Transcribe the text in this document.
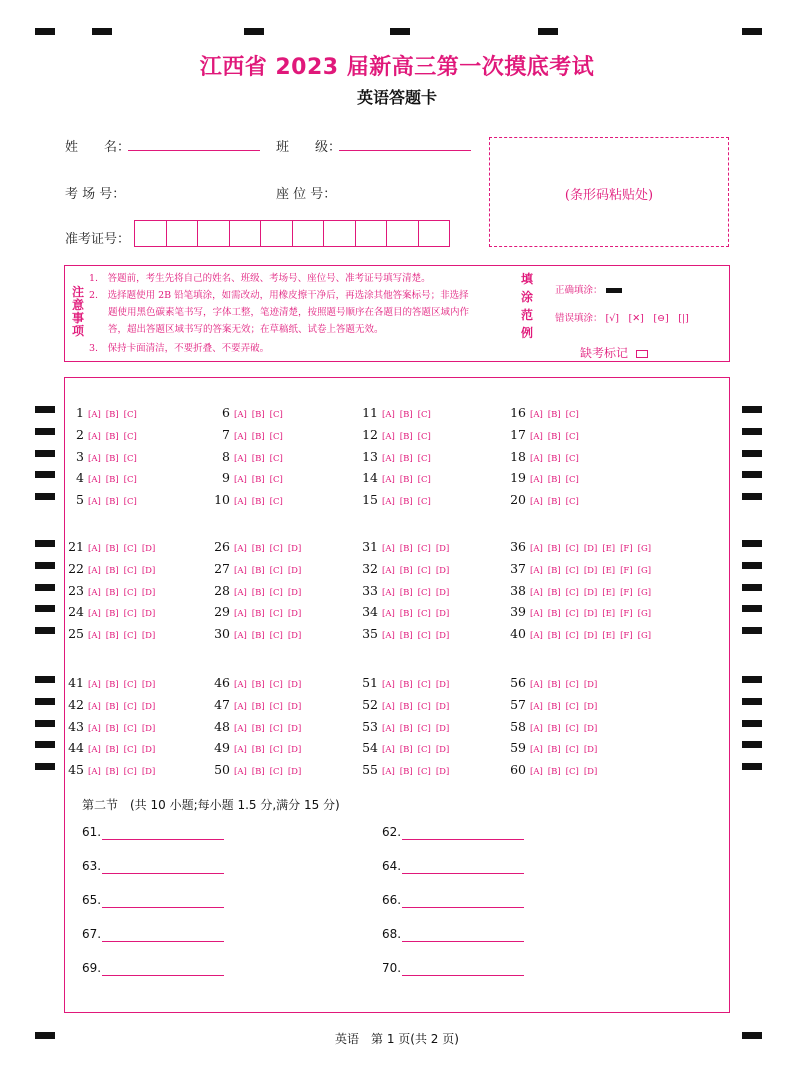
江西省 2023 届新高三第一次摸底考试
英语答题卡
姓　　名：	班　　级：
考 场 号：	座 位 号：
准考证号：
(条形码粘贴处)
注意事项
1.　答题前，考生先将自己的姓名、班级、考场号、座位号、准考证号填写清楚。
2.　选择题使用 2B 铅笔填涂，如需改动，用橡皮擦干净后，再选涂其他答案标号；非选择
　　题使用黑色碳素笔书写，字体工整，笔迹清楚，按照题号顺序在各题目的答题区域内作
　　答，超出答题区域书写的答案无效；在草稿纸、试卷上答题无效。
3.　保持卡面清洁，不要折叠、不要弄破。
填涂范例
正确填涂：
错误填涂： [√]　[✕]　[⊖]　[|]
缺考标记
1 [A] [B] [C]	6 [A] [B] [C]	11 [A] [B] [C]	16 [A] [B] [C]
2 [A] [B] [C]	7 [A] [B] [C]	12 [A] [B] [C]	17 [A] [B] [C]
3 [A] [B] [C]	8 [A] [B] [C]	13 [A] [B] [C]	18 [A] [B] [C]
4 [A] [B] [C]	9 [A] [B] [C]	14 [A] [B] [C]	19 [A] [B] [C]
5 [A] [B] [C]	10 [A] [B] [C]	15 [A] [B] [C]	20 [A] [B] [C]
21 [A] [B] [C] [D]	26 [A] [B] [C] [D]	31 [A] [B] [C] [D]	36 [A] [B] [C] [D] [E] [F] [G]
22 [A] [B] [C] [D]	27 [A] [B] [C] [D]	32 [A] [B] [C] [D]	37 [A] [B] [C] [D] [E] [F] [G]
23 [A] [B] [C] [D]	28 [A] [B] [C] [D]	33 [A] [B] [C] [D]	38 [A] [B] [C] [D] [E] [F] [G]
24 [A] [B] [C] [D]	29 [A] [B] [C] [D]	34 [A] [B] [C] [D]	39 [A] [B] [C] [D] [E] [F] [G]
25 [A] [B] [C] [D]	30 [A] [B] [C] [D]	35 [A] [B] [C] [D]	40 [A] [B] [C] [D] [E] [F] [G]
41 [A] [B] [C] [D]	46 [A] [B] [C] [D]	51 [A] [B] [C] [D]	56 [A] [B] [C] [D]
42 [A] [B] [C] [D]	47 [A] [B] [C] [D]	52 [A] [B] [C] [D]	57 [A] [B] [C] [D]
43 [A] [B] [C] [D]	48 [A] [B] [C] [D]	53 [A] [B] [C] [D]	58 [A] [B] [C] [D]
44 [A] [B] [C] [D]	49 [A] [B] [C] [D]	54 [A] [B] [C] [D]	59 [A] [B] [C] [D]
45 [A] [B] [C] [D]	50 [A] [B] [C] [D]	55 [A] [B] [C] [D]	60 [A] [B] [C] [D]
第二节　(共 10 小题;每小题 1.5 分,满分 15 分)
61.	62.
63.	64.
65.	66.
67.	68.
69.	70.
英语　第 1 页(共 2 页)
